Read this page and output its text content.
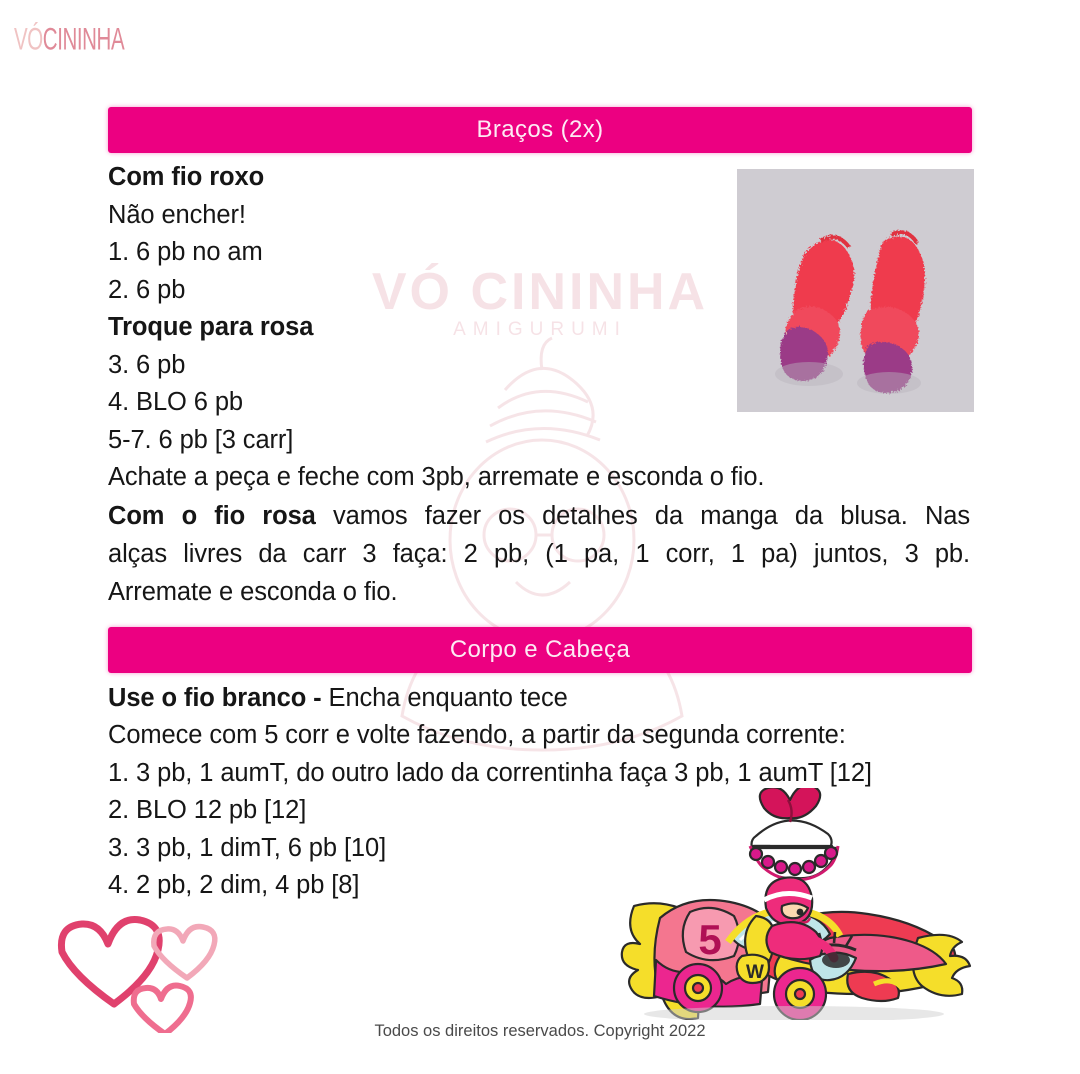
VÓCININHA
VÓ CININHA
AMIGURUMI
Braços (2x)
Com fio roxo
Não encher!
1. 6 pb no am
2. 6 pb
Troque para rosa
3. 6 pb
4. BLO 6 pb
5-7. 6 pb [3 carr]
Achate a peça e feche com 3pb, arremate e esconda o fio.
Com o fio rosa vamos fazer os detalhes da manga da blusa. Nas
alças livres da carr 3 faça: 2 pb, (1 pa, 1 corr, 1 pa) juntos, 3 pb.
Arremate e esconda o fio.
Corpo e Cabeça
Use o fio branco - Encha enquanto tece
Comece com 5 corr e volte fazendo, a partir da segunda corrente:
1. 3 pb, 1 aumT, do outro lado da correntinha faça 3 pb, 1 aumT [12]
2. BLO 12 pb [12]
3. 3 pb, 1 dimT, 6 pb [10]
4. 2 pb, 2 dim, 4 pb [8]
5
W
Todos os direitos reservados. Copyright 2022
